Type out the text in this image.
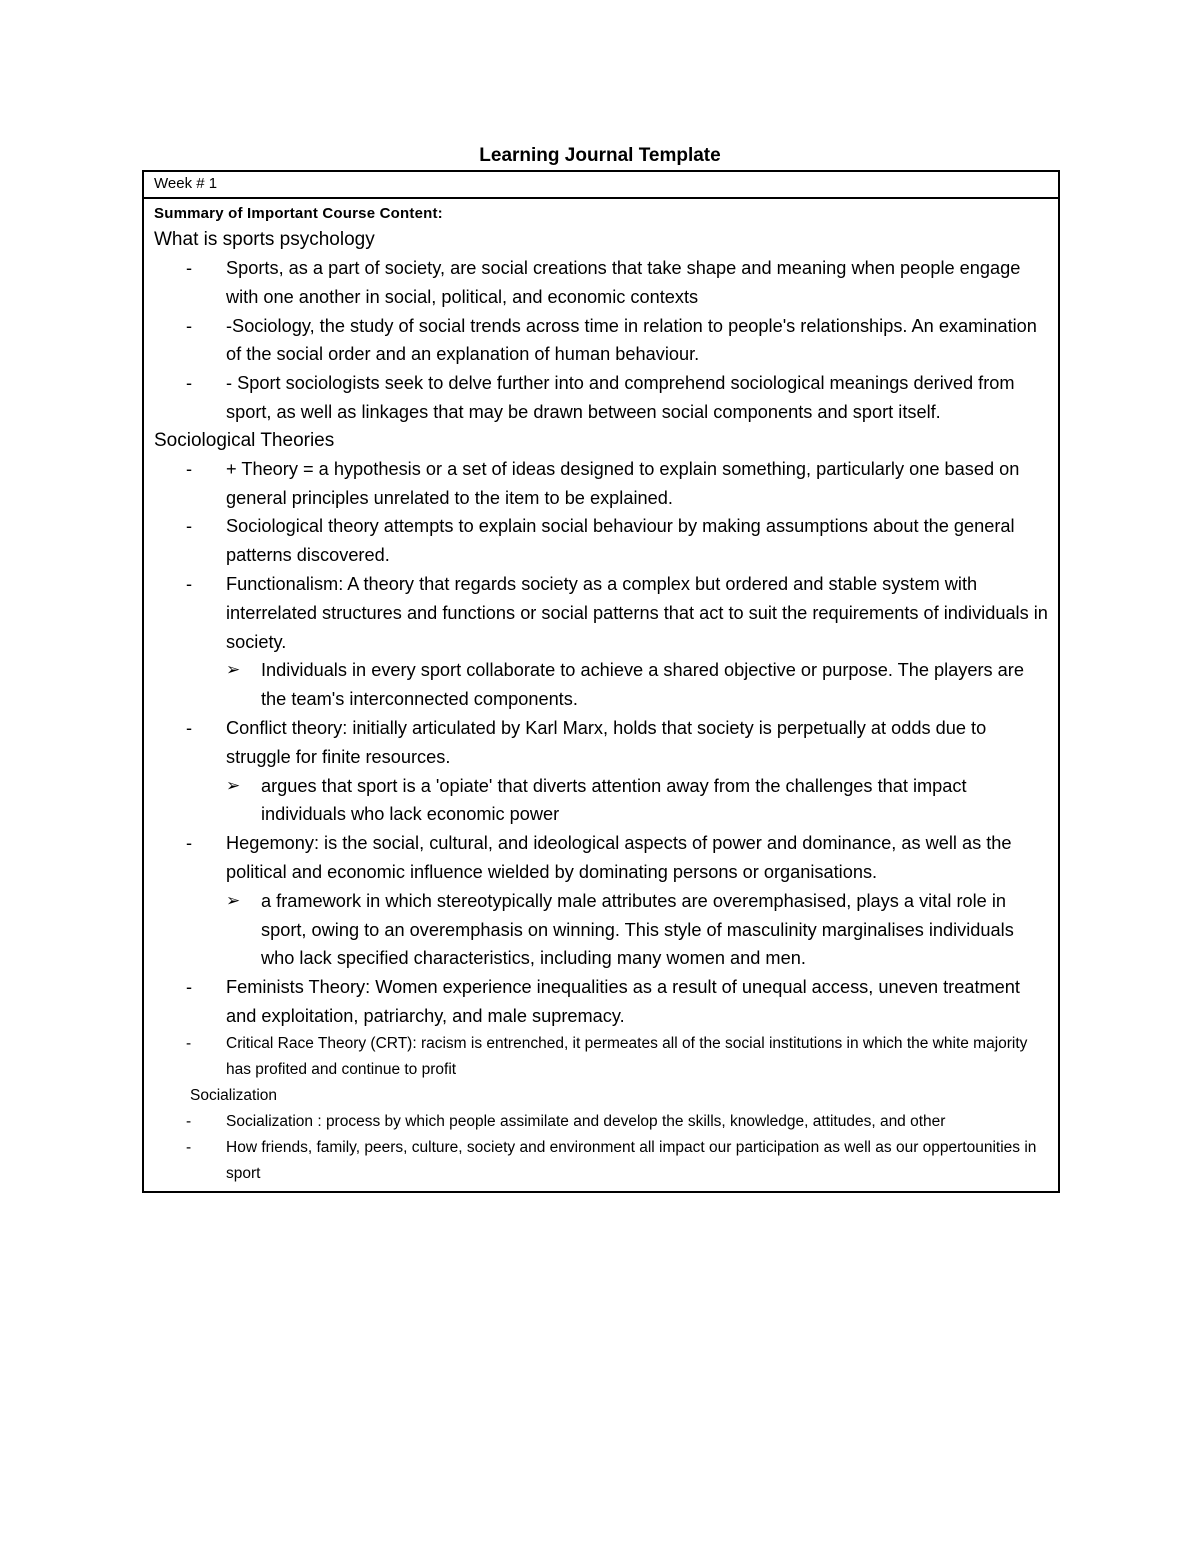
Learning Journal Template
Week # 1
Summary of Important Course Content:
What is sports psychology
- Sports, as a part of society, are social creations that take shape and meaning when people engage with one another in social, political, and economic contexts
- -Sociology, the study of social trends across time in relation to people's relationships. An examination of the social order and an explanation of human behaviour.
- - Sport sociologists seek to delve further into and comprehend sociological meanings derived from sport, as well as linkages that may be drawn between social components and sport itself.
Sociological Theories
- + Theory = a hypothesis or a set of ideas designed to explain something, particularly one based on general principles unrelated to the item to be explained.
- Sociological theory attempts to explain social behaviour by making assumptions about the general patterns discovered.
- Functionalism: A theory that regards society as a complex but ordered and stable system with interrelated structures and functions or social patterns that act to suit the requirements of individuals in society.
➢ Individuals in every sport collaborate to achieve a shared objective or purpose. The players are the team's interconnected components.
- Conflict theory: initially articulated by Karl Marx, holds that society is perpetually at odds due to struggle for finite resources.
➢ argues that sport is a 'opiate' that diverts attention away from the challenges that impact individuals who lack economic power
- Hegemony: is the social, cultural, and ideological aspects of power and dominance, as well as the political and economic influence wielded by dominating persons or organisations.
➢ a framework in which stereotypically male attributes are overemphasised, plays a vital role in sport, owing to an overemphasis on winning. This style of masculinity marginalises individuals who lack specified characteristics, including many women and men.
- Feminists Theory: Women experience inequalities as a result of unequal access, uneven treatment and exploitation, patriarchy, and male supremacy.
- Critical Race Theory (CRT): racism is entrenched, it permeates all of the social institutions in which the white majority has profited and continue to profit
Socialization
- Socialization : process by which people assimilate and develop the skills, knowledge, attitudes, and other
- How friends, family, peers, culture, society and environment all impact our participation as well as our oppertounities in sport
